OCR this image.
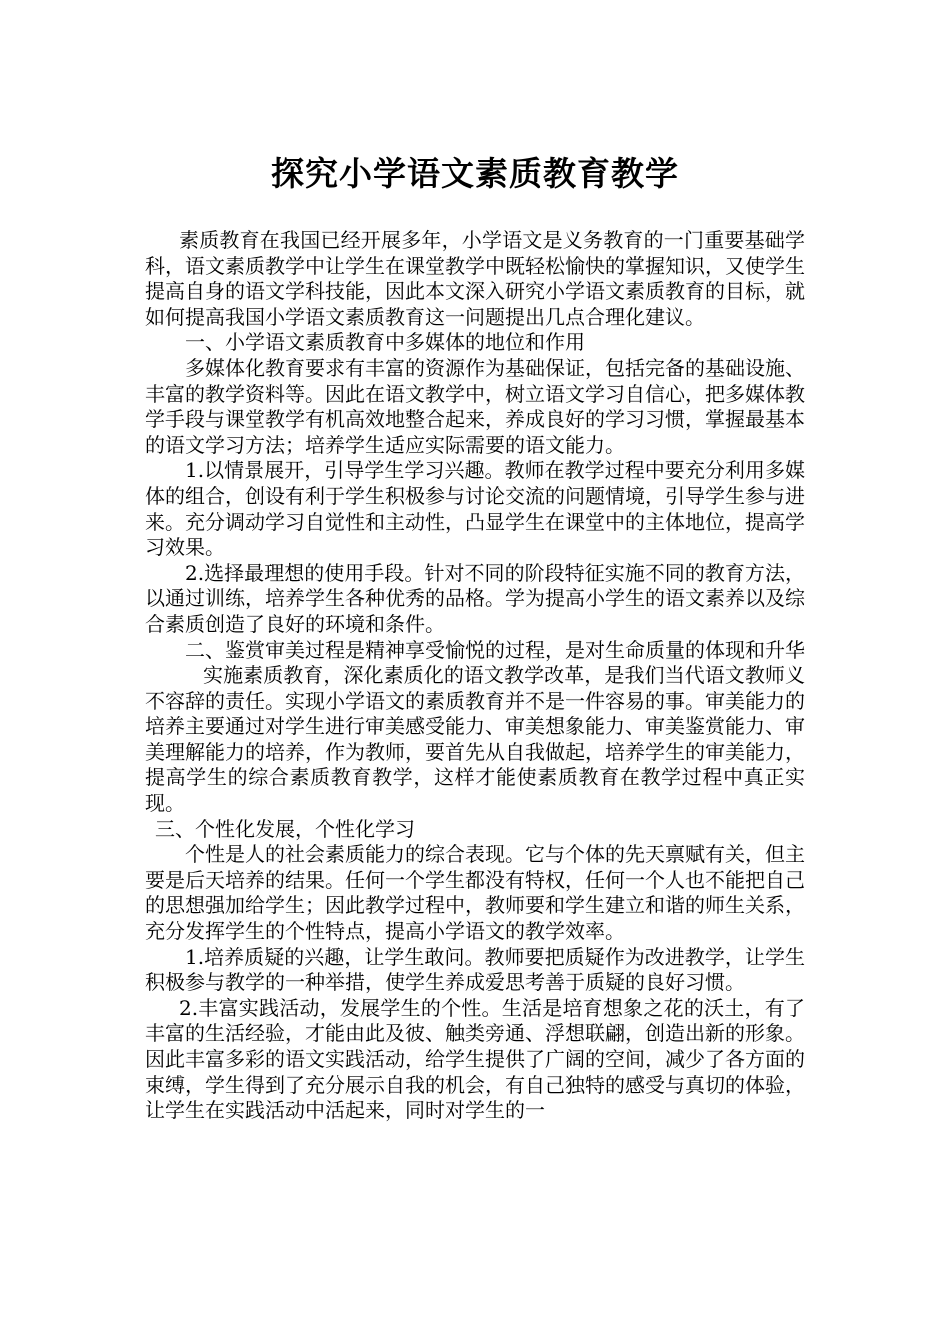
探究小学语文素质教育教学

素质教育在我国已经开展多年，小学语文是义务教育的一门重要基础学科，语文素质教学中让学生在课堂教学中既轻松愉快的掌握知识，又使学生提高自身的语文学科技能，因此本文深入研究小学语文素质教育的目标，就如何提高我国小学语文素质教育这一问题提出几点合理化建议。

一、小学语文素质教育中多媒体的地位和作用

多媒体化教育要求有丰富的资源作为基础保证，包括完备的基础设施、丰富的教学资料等。因此在语文教学中，树立语文学习自信心，把多媒体教学手段与课堂教学有机高效地整合起来，养成良好的学习习惯，掌握最基本的语文学习方法；培养学生适应实际需要的语文能力。

1.以情景展开，引导学生学习兴趣。教师在教学过程中要充分利用多媒体的组合，创设有利于学生积极参与讨论交流的问题情境，引导学生参与进来。充分调动学习自觉性和主动性，凸显学生在课堂中的主体地位，提高学习效果。

2.选择最理想的使用手段。针对不同的阶段特征实施不同的教育方法，以通过训练，培养学生各种优秀的品格。学为提高小学生的语文素养以及综合素质创造了良好的环境和条件。

二、鉴赏审美过程是精神享受愉悦的过程，是对生命质量的体现和升华

实施素质教育，深化素质化的语文教学改革，是我们当代语文教师义不容辞的责任。实现小学语文的素质教育并不是一件容易的事。审美能力的培养主要通过对学生进行审美感受能力、审美想象能力、审美鉴赏能力、审美理解能力的培养，作为教师，要首先从自我做起，培养学生的审美能力，提高学生的综合素质教育教学，这样才能使素质教育在教学过程中真正实现。

三、个性化发展，个性化学习

个性是人的社会素质能力的综合表现。它与个体的先天禀赋有关，但主要是后天培养的结果。任何一个学生都没有特权，任何一个人也不能把自己的思想强加给学生；因此教学过程中，教师要和学生建立和谐的师生关系，充分发挥学生的个性特点，提高小学语文的教学效率。

1.培养质疑的兴趣，让学生敢问。教师要把质疑作为改进教学，让学生积极参与教学的一种举措，使学生养成爱思考善于质疑的良好习惯。

2.丰富实践活动，发展学生的个性。生活是培育想象之花的沃土，有了丰富的生活经验，才能由此及彼、触类旁通、浮想联翩，创造出新的形象。因此丰富多彩的语文实践活动，给学生提供了广阔的空间，减少了各方面的束缚，学生得到了充分展示自我的机会，有自己独特的感受与真切的体验，让学生在实践活动中活起来，同时对学生的一
